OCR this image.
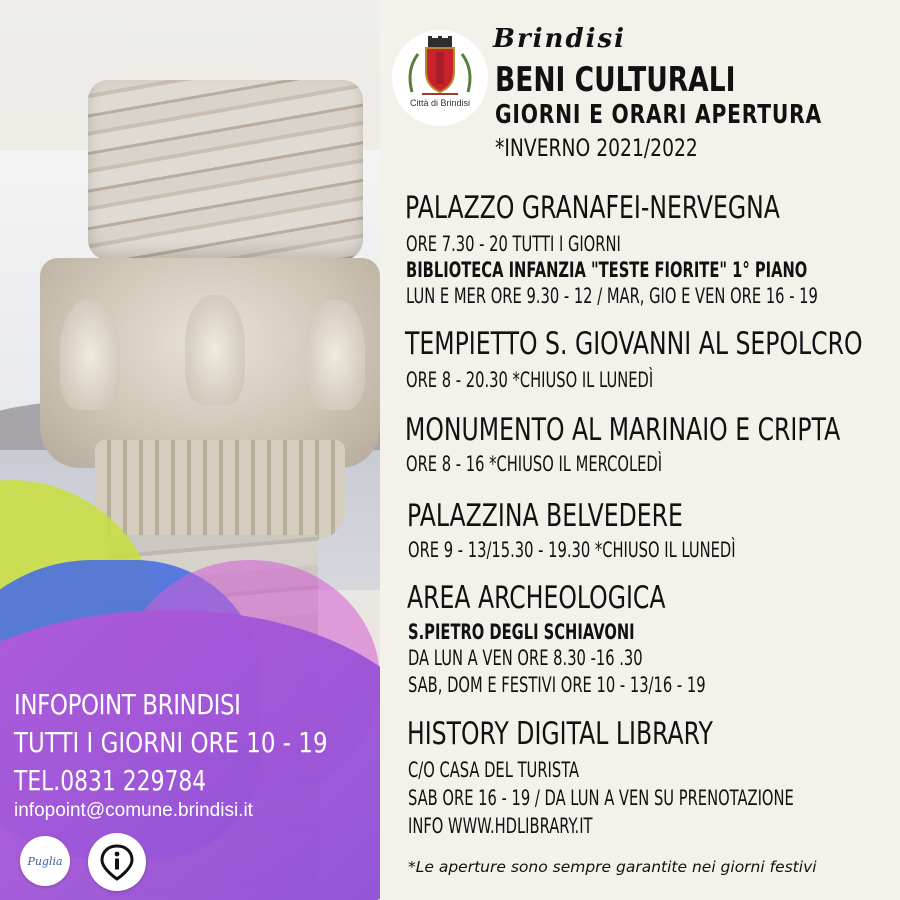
INFOPOINT BRINDISI
TUTTI I GIORNI ORE 10 - 19
TEL.0831 229784
infopoint@comune.brindisi.it
Puglia
Città di Brindisi
Brindisi
BENI CULTURALI
GIORNI E ORARI APERTURA
*INVERNO 2021/2022
PALAZZO GRANAFEI-NERVEGNA
ORE 7.30 - 20 TUTTI I GIORNI
BIBLIOTECA INFANZIA "TESTE FIORITE" 1° PIANO
LUN E MER ORE 9.30 - 12 / MAR, GIO E VEN ORE 16 - 19
TEMPIETTO S. GIOVANNI AL SEPOLCRO
ORE 8 - 20.30 *CHIUSO IL LUNEDÌ
MONUMENTO AL MARINAIO E CRIPTA
ORE 8 - 16 *CHIUSO IL MERCOLEDÌ
PALAZZINA BELVEDERE
ORE 9 - 13/15.30 - 19.30 *CHIUSO IL LUNEDÌ
AREA ARCHEOLOGICA
S.PIETRO DEGLI SCHIAVONI
DA LUN A VEN ORE 8.30 -16 .30
SAB, DOM E FESTIVI ORE 10 - 13/16 - 19
HISTORY DIGITAL LIBRARY
C/O CASA DEL TURISTA
SAB ORE 16 - 19 / DA LUN A VEN SU PRENOTAZIONE
INFO WWW.HDLIBRARY.IT
*Le aperture sono sempre garantite nei giorni festivi
